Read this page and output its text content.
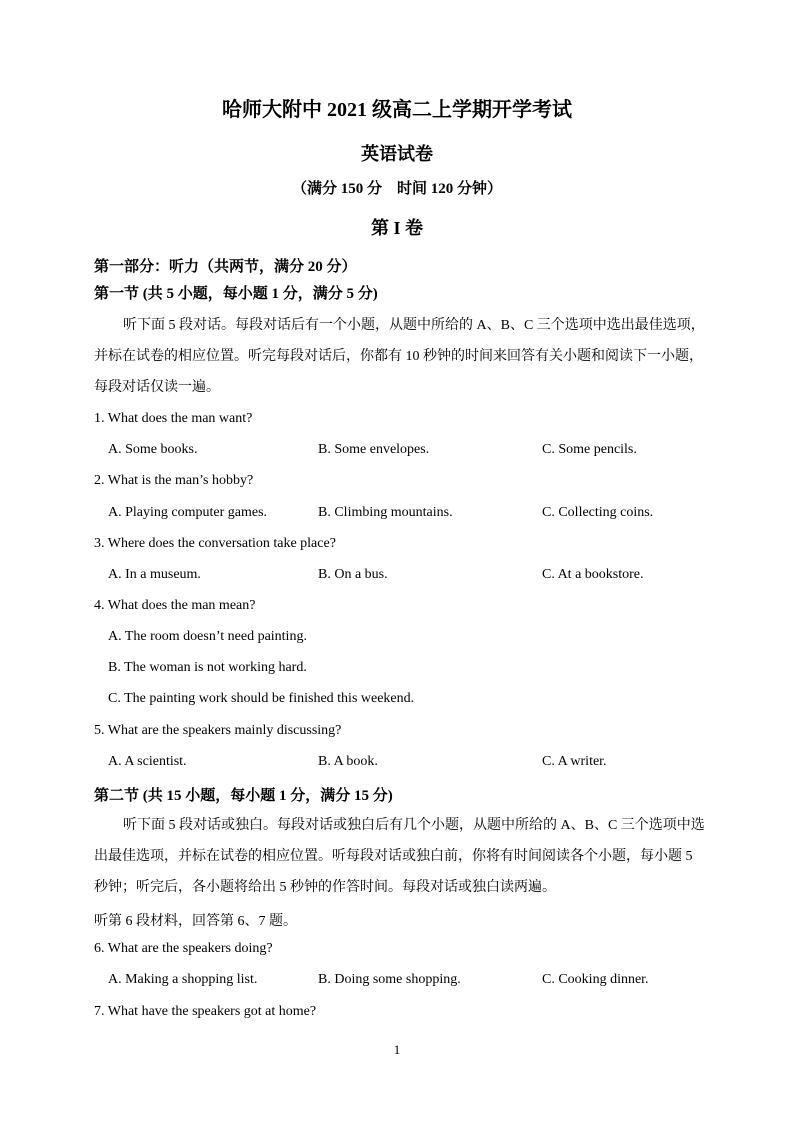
哈师大附中 2021 级高二上学期开学考试
英语试卷
（满分 150 分　时间 120 分钟）
第 I 卷
第一部分：听力（共两节，满分 20 分）
第一节 (共 5 小题，每小题 1 分，满分 5 分)
听下面 5 段对话。每段对话后有一个小题，从题中所给的 A、B、C 三个选项中选出最佳选项，
并标在试卷的相应位置。听完每段对话后，你都有 10 秒钟的时间来回答有关小题和阅读下一小题，
每段对话仅读一遍。
1. What does the man want?
A. Some books.	B. Some envelopes.	C. Some pencils.
2. What is the man’s hobby?
A. Playing computer games.	B. Climbing mountains.	C. Collecting coins.
3. Where does the conversation take place?
A. In a museum.	B. On a bus.	C. At a bookstore.
4. What does the man mean?
A. The room doesn’t need painting.
B. The woman is not working hard.
C. The painting work should be finished this weekend.
5. What are the speakers mainly discussing?
A. A scientist.	B. A book.	C. A writer.
第二节 (共 15 小题，每小题 1 分，满分 15 分)
听下面 5 段对话或独白。每段对话或独白后有几个小题，从题中所给的 A、B、C 三个选项中选
出最佳选项，并标在试卷的相应位置。听每段对话或独白前，你将有时间阅读各个小题，每小题 5
秒钟；听完后，各小题将给出 5 秒钟的作答时间。每段对话或独白读两遍。
听第 6 段材料，回答第 6、7 题。
6. What are the speakers doing?
A. Making a shopping list.	B. Doing some shopping.	C. Cooking dinner.
7. What have the speakers got at home?
1
